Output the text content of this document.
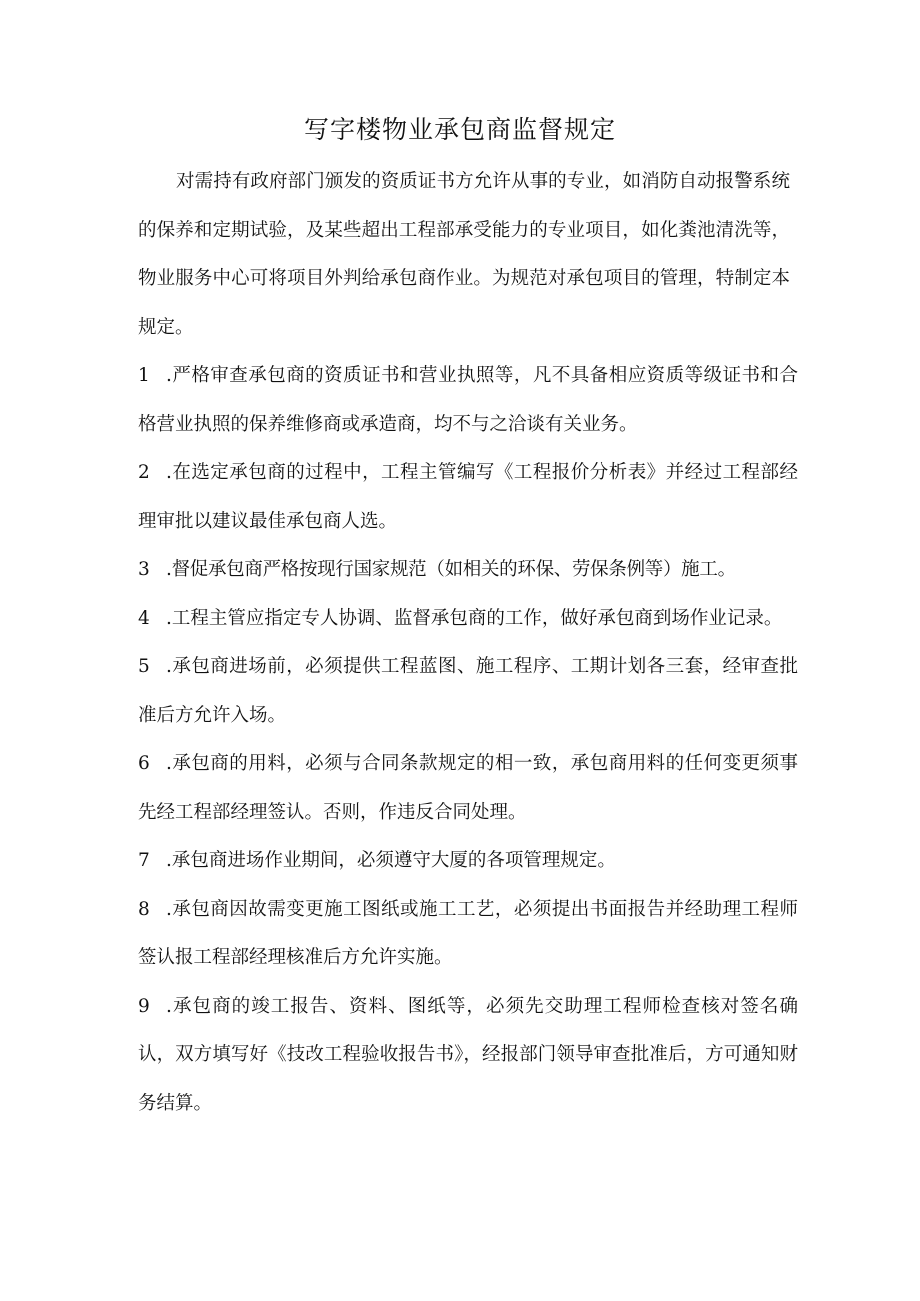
写字楼物业承包商监督规定

对需持有政府部门颁发的资质证书方允许从事的专业，如消防自动报警系统的保养和定期试验，及某些超出工程部承受能力的专业项目，如化粪池清洗等，物业服务中心可将项目外判给承包商作业。为规范对承包项目的管理，特制定本规定。

1 .严格审查承包商的资质证书和营业执照等，凡不具备相应资质等级证书和合格营业执照的保养维修商或承造商，均不与之洽谈有关业务。
2 .在选定承包商的过程中，工程主管编写《工程报价分析表》并经过工程部经理审批以建议最佳承包商人选。
3 .督促承包商严格按现行国家规范（如相关的环保、劳保条例等）施工。
4 .工程主管应指定专人协调、监督承包商的工作，做好承包商到场作业记录。
5 .承包商进场前，必须提供工程蓝图、施工程序、工期计划各三套，经审查批准后方允许入场。
6 .承包商的用料，必须与合同条款规定的相一致，承包商用料的任何变更须事先经工程部经理签认。否则，作违反合同处理。
7 .承包商进场作业期间，必须遵守大厦的各项管理规定。
8 .承包商因故需变更施工图纸或施工工艺，必须提出书面报告并经助理工程师签认报工程部经理核准后方允许实施。
9 .承包商的竣工报告、资料、图纸等，必须先交助理工程师检查核对签名确认，双方填写好《技改工程验收报告书》，经报部门领导审查批准后，方可通知财务结算。
